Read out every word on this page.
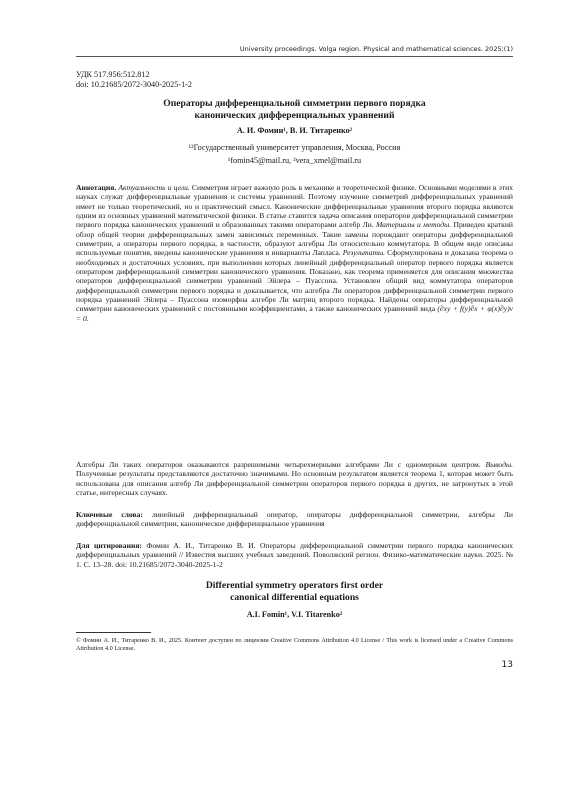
University proceedings. Volga region. Physical and mathematical sciences. 2025;(1)
УДК 517.956:512.812
doi: 10.21685/2072-3040-2025-1-2
Операторы дифференциальной симметрии первого порядка
канонических дифференциальных уравнений
А. И. Фомин¹, В. И. Титаренко²
¹²Государственный университет управления, Москва, Россия
¹fomin45@mail.ru, ²vera_xmel@mail.ru
Аннотация. Актуальность и цели. Симметрия играет важную роль в механике и теоретической физике. Основными моделями в этих науках служат дифференциальные уравнения и системы уравнений. Поэтому изучение симметрий дифференциальных уравнений имеет не только теоретический, но и практический смысл. Канонические дифференциальные уравнения второго порядка являются одним из основных уравнений математической физики. В статье ставится задача описания операторов дифференциальной симметрии первого порядка канонических уравнений и образованных такими операторами алгебр Ли. Материалы и методы. Приведен краткий обзор общей теории дифференциальных замен зависимых переменных. Такие замены порождают операторы дифференциальной симметрии, а операторы первого порядка, в частности, образуют алгебры Ли относительно коммутатора. В общем виде описаны используемые понятия, введены канонические уравнения и инварианты Лапласа. Результаты. Сформулирована и доказана теорема о необходимых и достаточных условиях, при выполнении которых линейный дифференциальный оператор первого порядка является оператором дифференциальной симметрии канонического уравнения. Показано, как теорема применяется для описания множества операторов дифференциальной симметрии уравнений Эйлера – Пуассона. Установлен общий вид коммутатора операторов дифференциальной симметрии первого порядка и доказывается, что алгебра Ли операторов дифференциальной симметрии первого порядка уравнений Эйлера – Пуассона изоморфна алгебре Ли матриц второго порядка. Найдены операторы дифференциальной симметрии канонических уравнений с постоянными коэффициентами, а также канонических уравнений вида (∂xy + f(y)∂x + φ(x)∂y)v = 0.
Алгебры Ли таких операторов оказываются разрешимыми четырехмерными алгебрами Ли с одномерным центром. Выводы. Полученные результаты представляются достаточно значимыми. Но основным результатом является теорема 1, которая может быть использована для описания алгебр Ли дифференциальной симметрии операторов первого порядка в других, не затронутых в этой статье, интересных случаях.
Ключевые слова: линейный дифференциальный оператор, операторы дифференциальной симметрии, алгебры Ли дифференциальной симметрии, каноническое дифференциальное уравнения
Для цитирования: Фомин А. И., Титаренко В. И. Операторы дифференциальной симметрии первого порядка канонических дифференциальных уравнений // Известия высших учебных заведений. Поволжский регион. Физико-математические науки. 2025. № 1. С. 13–28. doi: 10.21685/2072-3040-2025-1-2
Differential symmetry operators first order
canonical differential equations
A.I. Fomin¹, V.I. Titarenko²
© Фомин А. И., Титаренко В. И., 2025. Контент доступен по лицензии Creative Commons Attribution 4.0 License / This work is licensed under a Creative Commons Attribution 4.0 License.
13
